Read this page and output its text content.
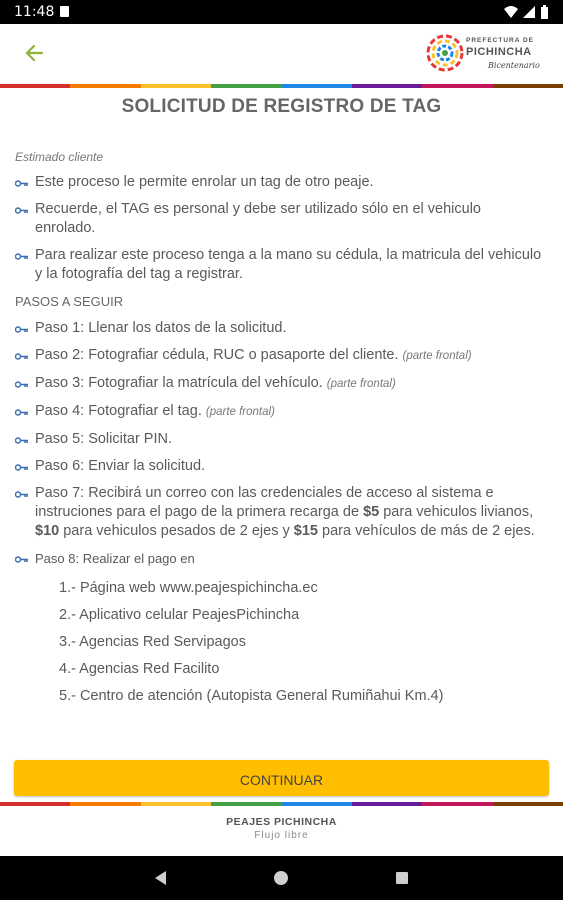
11:48
PREFECTURA DE
PICHINCHA
Bicentenario
SOLICITUD DE REGISTRO DE TAG
Estimado cliente
Este proceso le permite enrolar un tag de otro peaje.
Recuerde, el TAG es personal y debe ser utilizado sólo en el vehiculo enrolado.
Para realizar este proceso tenga a la mano su cédula, la matricula del vehiculo y la fotografía del tag a registrar.
PASOS A SEGUIR
Paso 1: Llenar los datos de la solicitud.
Paso 2: Fotografiar cédula, RUC o pasaporte del cliente. (parte frontal)
Paso 3: Fotografiar la matrícula del vehículo. (parte frontal)
Paso 4: Fotografiar el tag. (parte frontal)
Paso 5: Solicitar PIN.
Paso 6: Enviar la solicitud.
Paso 7: Recibirá un correo con las credenciales de acceso al sistema e instruciones para el pago de la primera recarga de $5 para vehiculos livianos, $10 para vehiculos pesados de 2 ejes y $15 para vehículos de más de 2 ejes.
Paso 8: Realizar el pago en
1.- Página web www.peajespichincha.ec
2.- Aplicativo celular PeajesPichincha
3.- Agencias Red Servipagos
4.- Agencias Red Facilito
5.- Centro de atención (Autopista General Rumiñahui Km.4)
CONTINUAR
PEAJES PICHINCHA
Flujo libre
